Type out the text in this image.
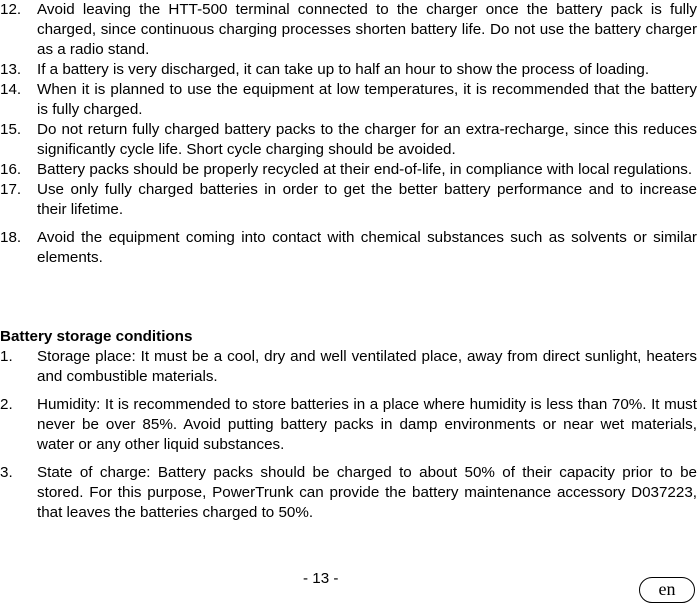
12.	Avoid leaving the HTT-500 terminal connected to the charger once the battery pack is fully charged, since continuous charging processes shorten battery life. Do not use the battery charger as a radio stand.
13.	If a battery is very discharged, it can take up to half an hour to show the process of loading.
14.	When it is planned to use the equipment at low temperatures, it is recommended that the battery is fully charged.
15.	Do not return fully charged battery packs to the charger for an extra-recharge, since this reduces significantly cycle life. Short cycle charging should be avoided.
16.	Battery packs should be properly recycled at their end-of-life, in compliance with local regulations.
17.	Use only fully charged batteries in order to get the better battery performance and to increase their lifetime.
18.	Avoid the equipment coming into contact with chemical substances such as solvents or similar elements.
Battery storage conditions
1.	Storage place: It must be a cool, dry and well ventilated place, away from direct sunlight, heaters and combustible materials.
2.	Humidity: It is recommended to store batteries in a place where humidity is less than 70%. It must never be over 85%. Avoid putting battery packs in damp environments or near wet materials, water or any other liquid substances.
3.	State of charge: Battery packs should be charged to about 50% of their capacity prior to be stored. For this purpose, PowerTrunk can provide the battery maintenance accessory D037223, that leaves the batteries charged to 50%.
- 13 -
en
